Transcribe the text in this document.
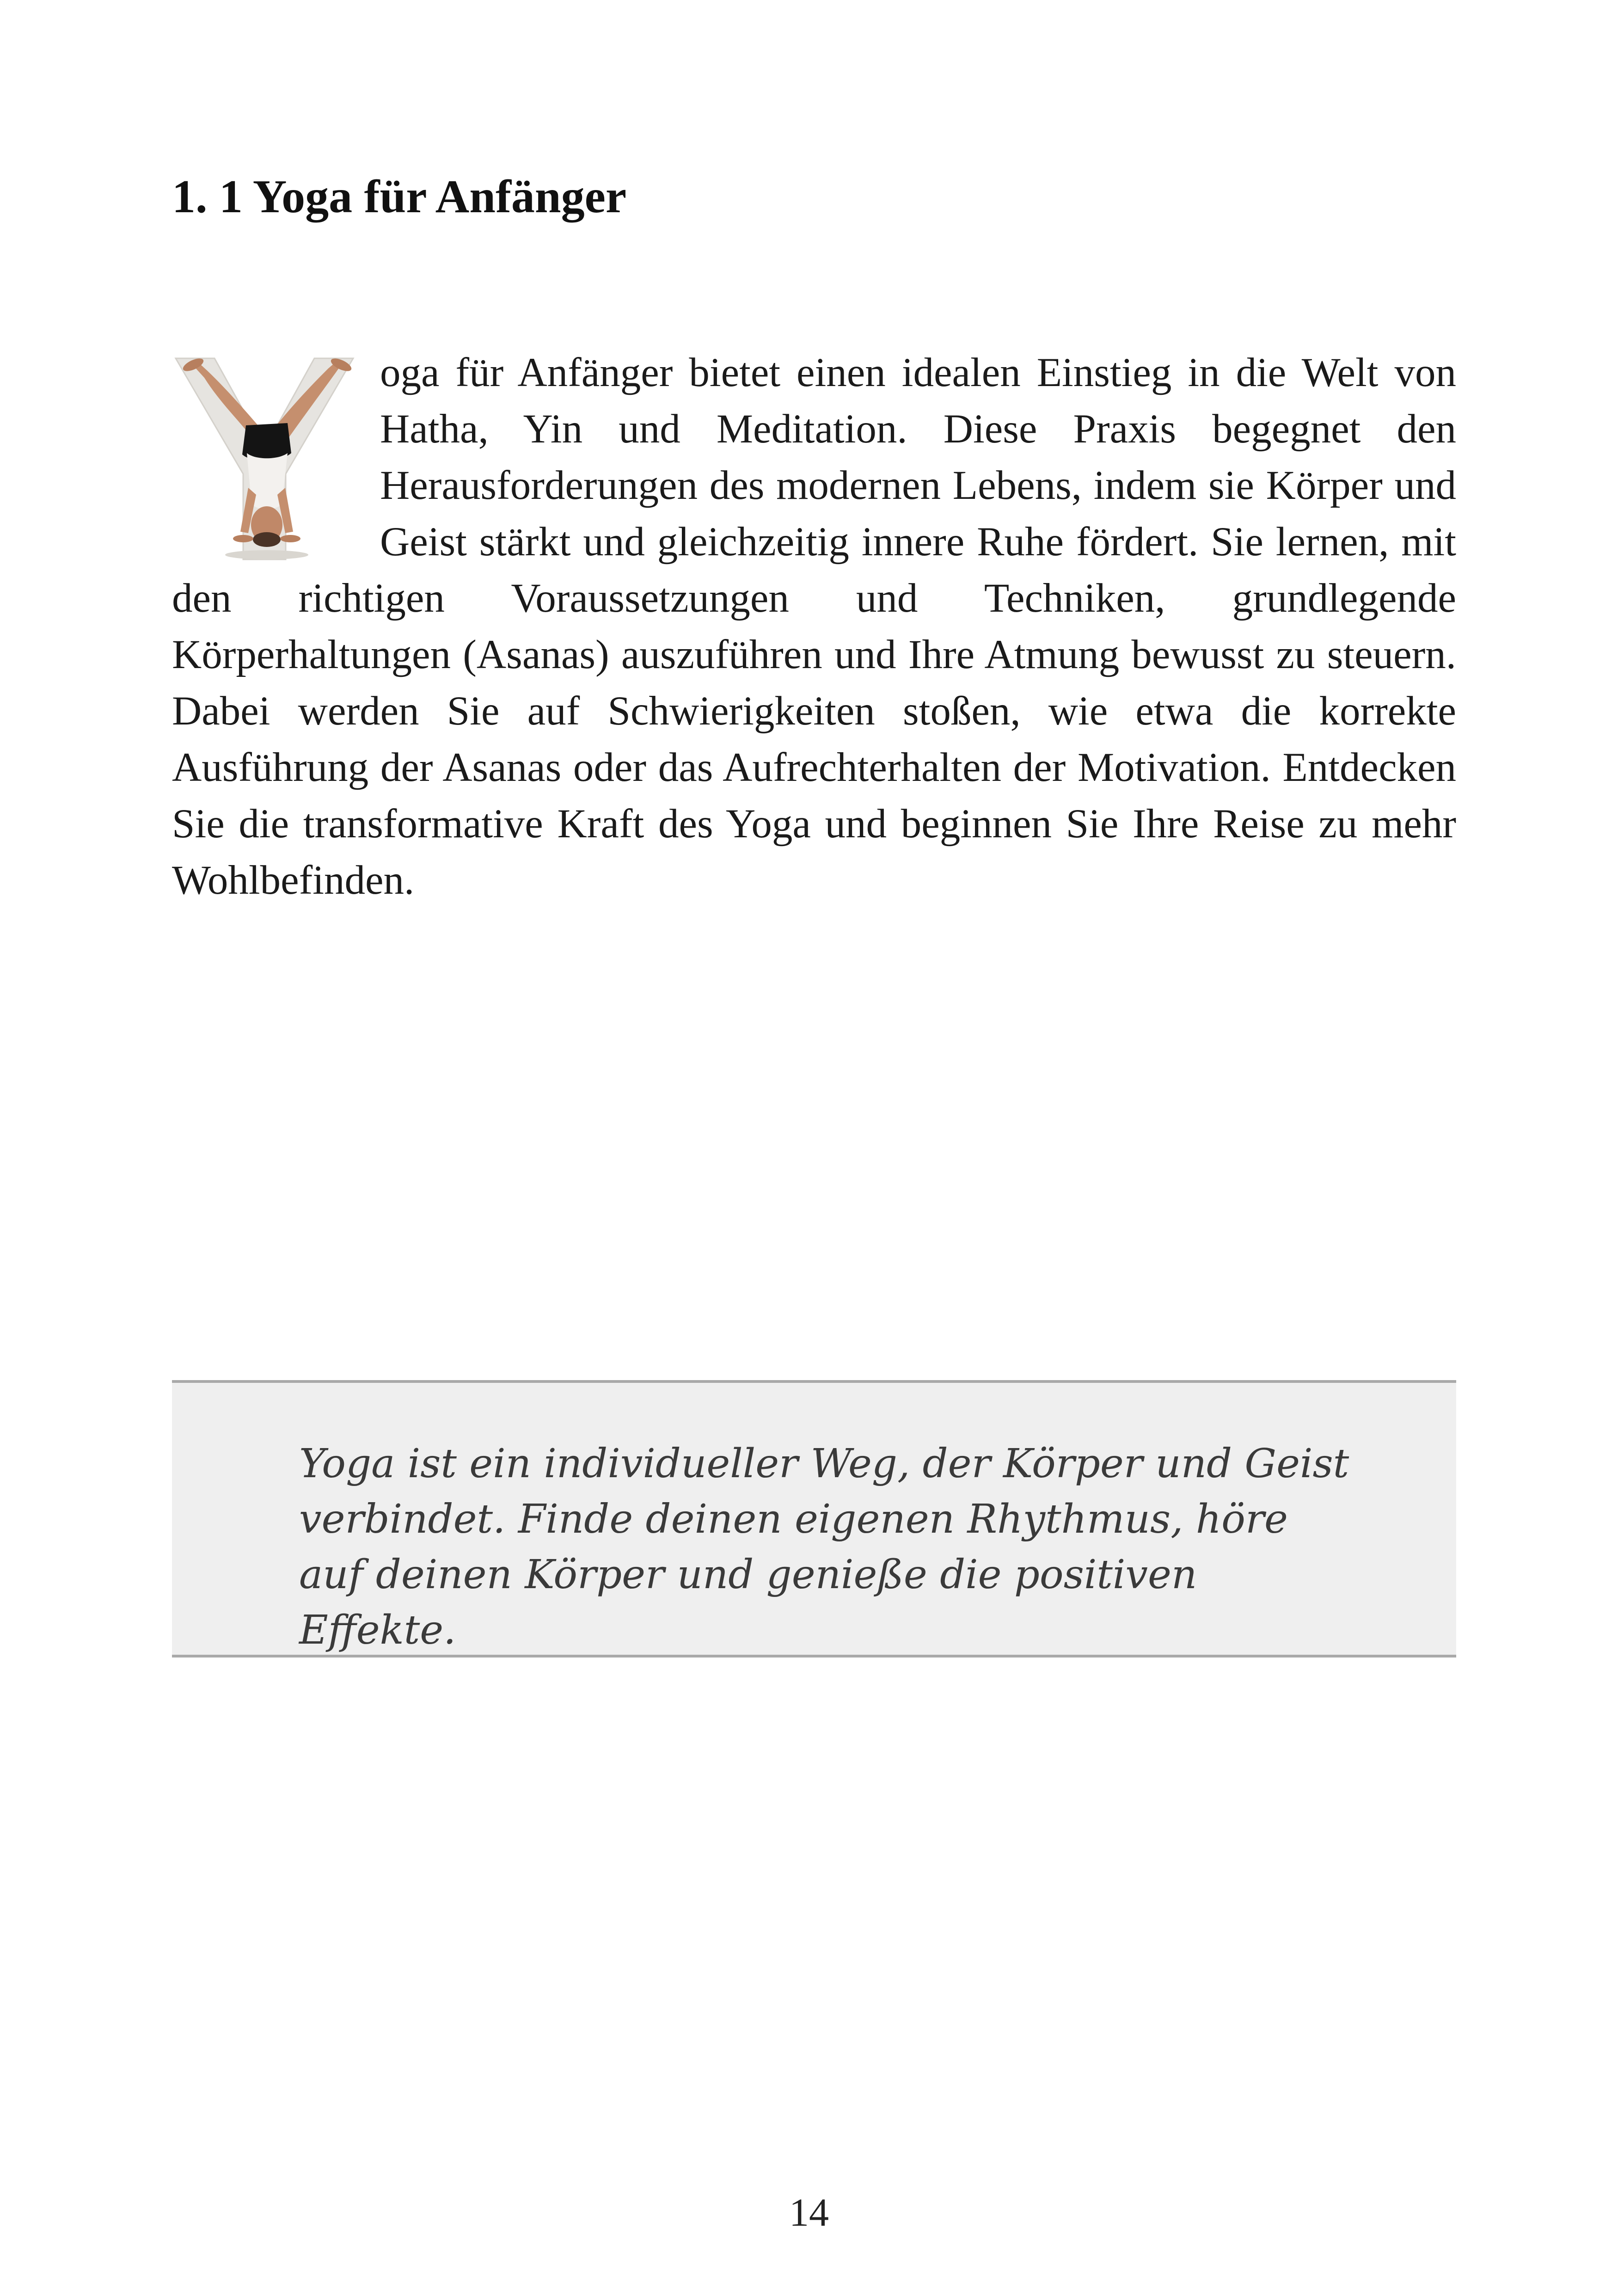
1. 1 Yoga für Anfänger

oga für Anfänger bietet einen idealen Einstieg in die Welt von Hatha, Yin und Meditation. Diese Praxis begegnet den Herausforderungen des modernen Lebens, indem sie Körper und Geist stärkt und gleichzeitig innere Ruhe fördert. Sie lernen, mit den richtigen Voraussetzungen und Techniken, grundlegende Körperhaltungen (Asanas) auszuführen und Ihre Atmung bewusst zu steuern. Dabei werden Sie auf Schwierigkeiten stoßen, wie etwa die korrekte Ausführung der Asanas oder das Aufrechterhalten der Motivation. Entdecken Sie die transformative Kraft des Yoga und beginnen Sie Ihre Reise zu mehr Wohlbefinden.

Yoga ist ein individueller Weg, der Körper und Geist verbindet. Finde deinen eigenen Rhythmus, höre auf deinen Körper und genieße die positiven Effekte.

14
